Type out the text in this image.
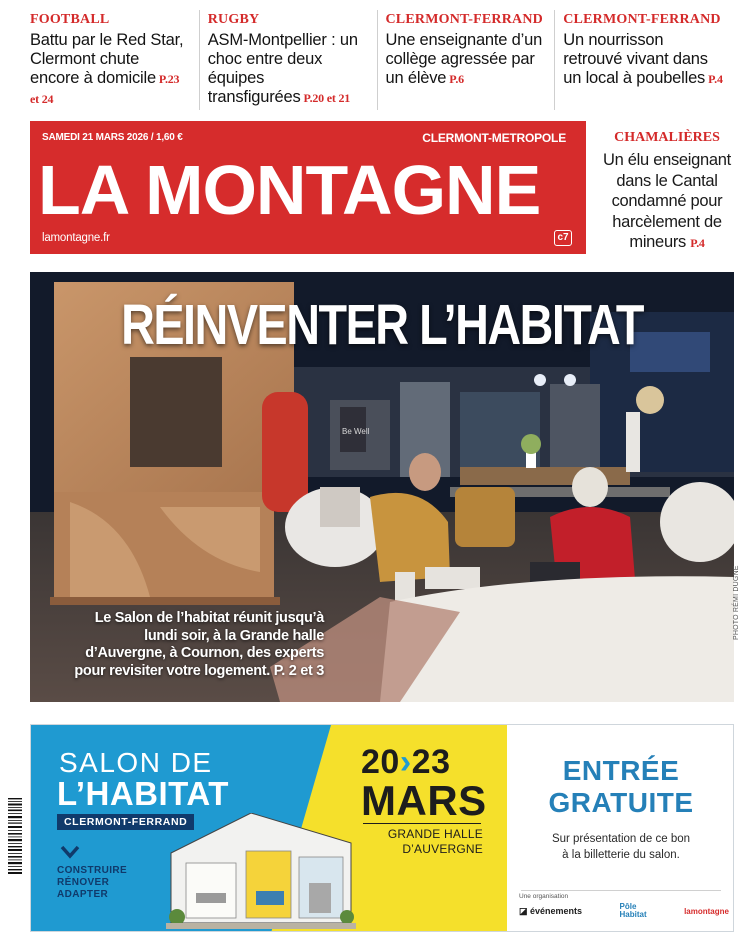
FOOTBALL
Battu par le Red Star, Clermont chute encore à domicile P.23 et 24
RUGBY
ASM-Montpellier : un choc entre deux équipes transfigurées P.20 et 21
CLERMONT-FERRAND
Une enseignante d’un collège agressée par un élève P.6
CLERMONT-FERRAND
Un nourrisson retrouvé vivant dans un local à poubelles P.4
SAMEDI 21 MARS 2026 / 1,60 €	CLERMONT-METROPOLE
LA MONTAGNE
lamontagne.fr	c7
CHAMALIÈRES
Un élu enseignant dans le Cantal condamné pour harcèlement de mineurs P.4
Be Well
RÉINVENTER L’HABITAT
Le Salon de l’habitat réunit jusqu’à lundi soir, à la Grande halle d’Auvergne, à Cournon, des experts pour revisiter votre logement. P. 2 et 3
PHOTO RÉMI DUGNE
SALON DE
L’HABITAT
CLERMONT-FERRAND
CONSTRUIRE
RÉNOVER
ADAPTER
20›23
MARS
GRANDE HALLE
D’AUVERGNE
ENTRÉE
GRATUITE
Sur présentation de ce bon
à la billetterie du salon.
Une organisation
◪ événements	Pôle
Habitat	lamontagne
